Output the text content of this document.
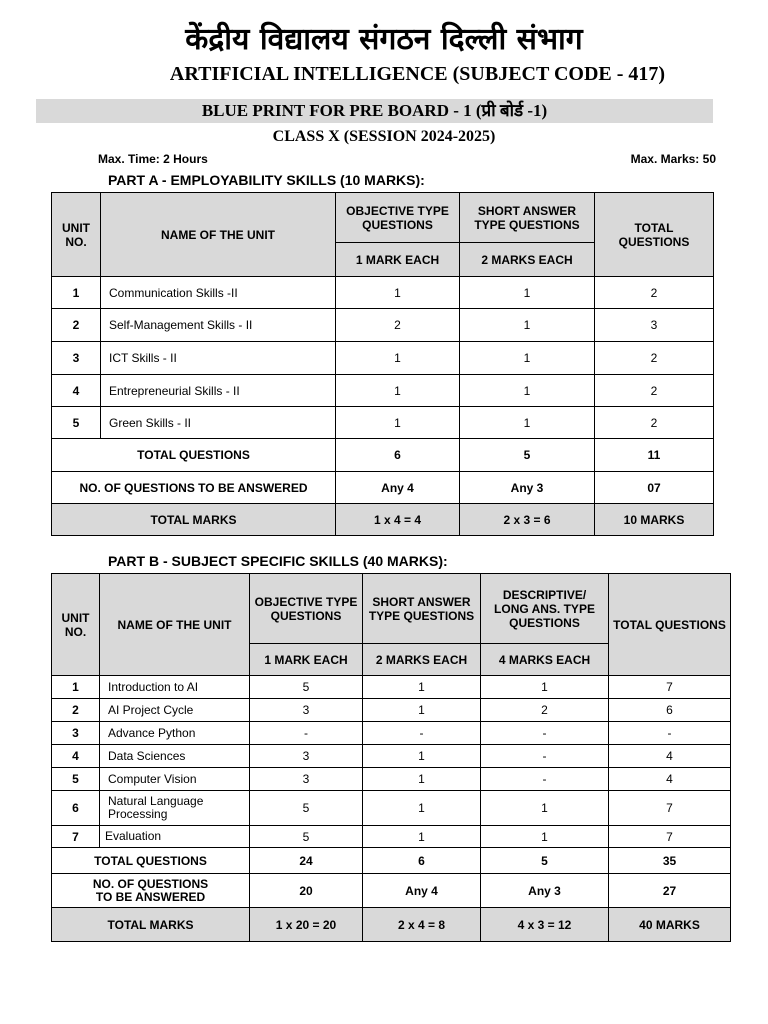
केंद्रीय विद्यालय संगठन दिल्ली संभाग
ARTIFICIAL INTELLIGENCE (SUBJECT CODE - 417)
BLUE PRINT FOR PRE BOARD - 1 (प्री बोर्ड -1)
CLASS X (SESSION 2024-2025)
Max. Time: 2 Hours	Max. Marks: 50
PART A - EMPLOYABILITY SKILLS (10 MARKS):
UNIT NO.	NAME OF THE UNIT	OBJECTIVE TYPE QUESTIONS	SHORT ANSWER TYPE QUESTIONS	TOTAL QUESTIONS
		1 MARK EACH	2 MARKS EACH	
1	Communication Skills -II	1	1	2
2	Self-Management Skills - II	2	1	3
3	ICT Skills - II	1	1	2
4	Entrepreneurial Skills - II	1	1	2
5	Green Skills - II	1	1	2
TOTAL QUESTIONS		6	5	11
NO. OF QUESTIONS TO BE ANSWERED		Any 4	Any 3	07
TOTAL MARKS		1 x 4 = 4	2 x 3 = 6	10 MARKS
PART B - SUBJECT SPECIFIC SKILLS (40 MARKS):
UNIT NO.	NAME OF THE UNIT	OBJECTIVE TYPE QUESTIONS	SHORT ANSWER TYPE QUESTIONS	DESCRIPTIVE/ LONG ANS. TYPE QUESTIONS	TOTAL QUESTIONS
		1 MARK EACH	2 MARKS EACH	4 MARKS EACH	
1	Introduction to AI	5	1	1	7
2	AI Project Cycle	3	1	2	6
3	Advance Python	-	-	-	-
4	Data Sciences	3	1	-	4
5	Computer Vision	3	1	-	4
6	Natural Language Processing	5	1	1	7
7	Evaluation	5	1	1	7
TOTAL QUESTIONS		24	6	5	35
NO. OF QUESTIONS TO BE ANSWERED		20	Any 4	Any 3	27
TOTAL MARKS		1 x 20 = 20	2 x 4 = 8	4 x 3 = 12	40 MARKS
